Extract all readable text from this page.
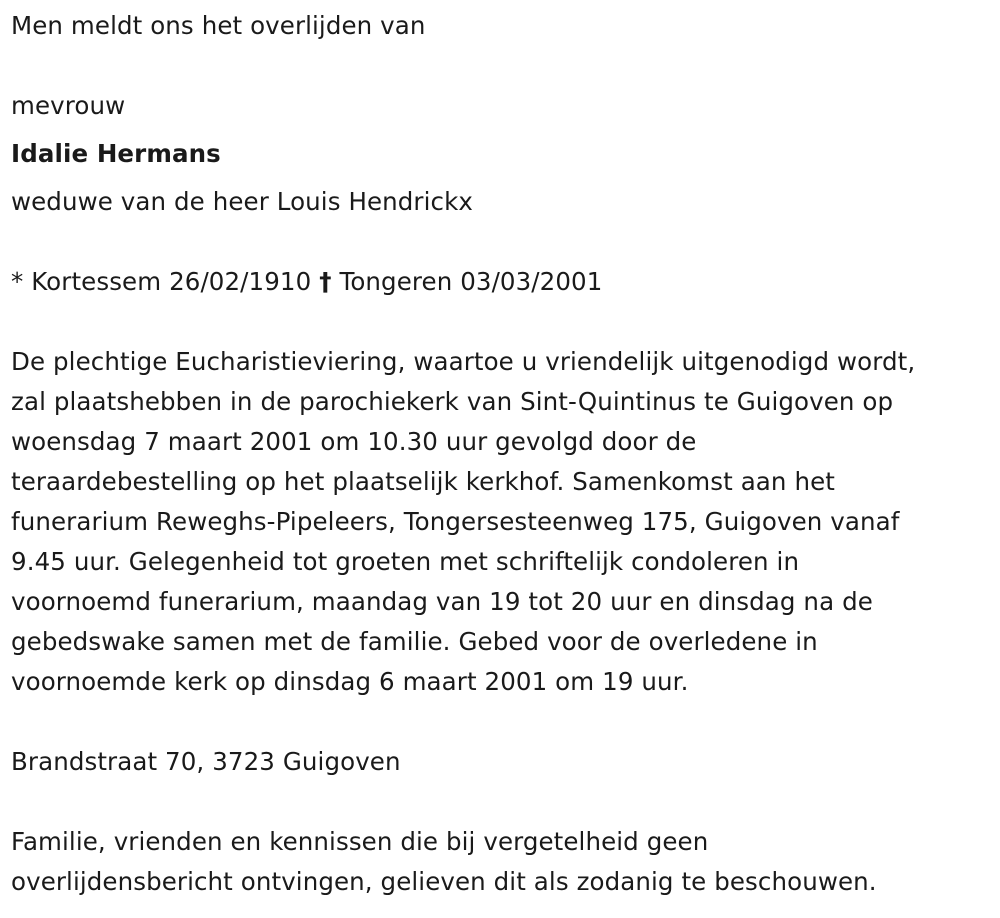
Men meldt ons het overlijden van

mevrouw

Idalie Hermans

weduwe van de heer Louis Hendrickx

* Kortessem 26/02/1910 † Tongeren 03/03/2001

De plechtige Eucharistieviering, waartoe u vriendelijk uitgenodigd wordt,

zal plaatshebben in de parochiekerk van Sint-Quintinus te Guigoven op

woensdag 7 maart 2001 om 10.30 uur gevolgd door de

teraardebestelling op het plaatselijk kerkhof. Samenkomst aan het

funerarium Reweghs-Pipeleers, Tongersesteenweg 175, Guigoven vanaf

9.45 uur. Gelegenheid tot groeten met schriftelijk condoleren in

voornoemd funerarium, maandag van 19 tot 20 uur en dinsdag na de

gebedswake samen met de familie. Gebed voor de overledene in

voornoemde kerk op dinsdag 6 maart 2001 om 19 uur.

Brandstraat 70, 3723 Guigoven

Familie, vrienden en kennissen die bij vergetelheid geen

overlijdensbericht ontvingen, gelieven dit als zodanig te beschouwen.
